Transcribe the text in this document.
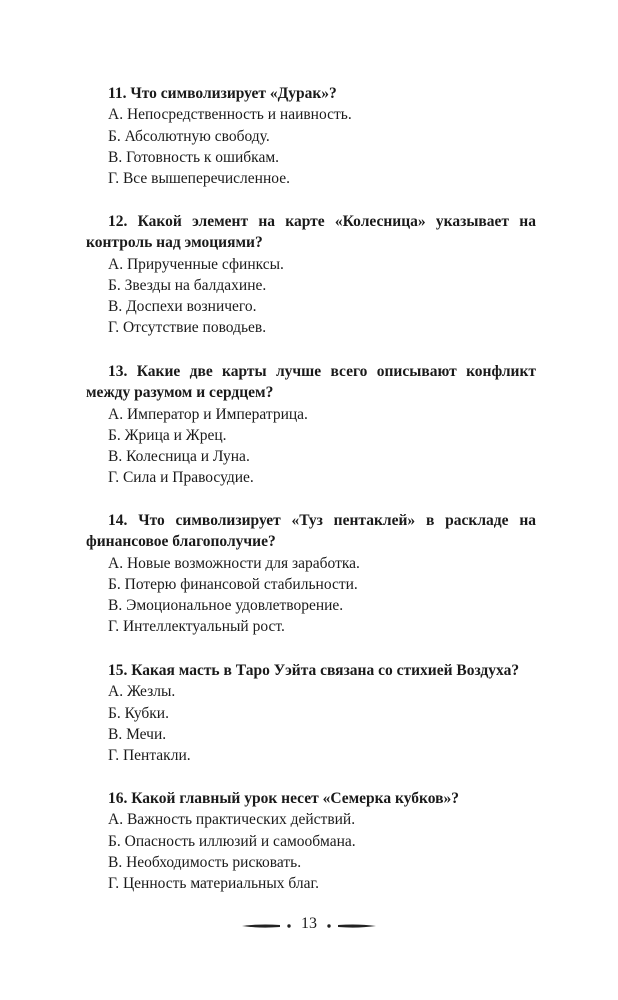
11. Что символизирует «Дурак»?

А. Непосредственность и наивность.
Б. Абсолютную свободу.
В. Готовность к ошибкам.
Г. Все вышеперечисленное.

12. Какой элемент на карте «Колесница» указывает на контроль над эмоциями?

А. Прирученные сфинксы.
Б. Звезды на балдахине.
В. Доспехи возничего.
Г. Отсутствие поводьев.

13. Какие две карты лучше всего описывают конфликт между разумом и сердцем?

А. Император и Императрица.
Б. Жрица и Жрец.
В. Колесница и Луна.
Г. Сила и Правосудие.

14. Что символизирует «Туз пентаклей» в раскладе на финансовое благополучие?

А. Новые возможности для заработка.
Б. Потерю финансовой стабильности.
В. Эмоциональное удовлетворение.
Г. Интеллектуальный рост.

15. Какая масть в Таро Уэйта связана со стихией Воздуха?

А. Жезлы.
Б. Кубки.
В. Мечи.
Г. Пентакли.

16. Какой главный урок несет «Семерка кубков»?

А. Важность практических действий.
Б. Опасность иллюзий и самообмана.
В. Необходимость рисковать.
Г. Ценность материальных благ.
13
